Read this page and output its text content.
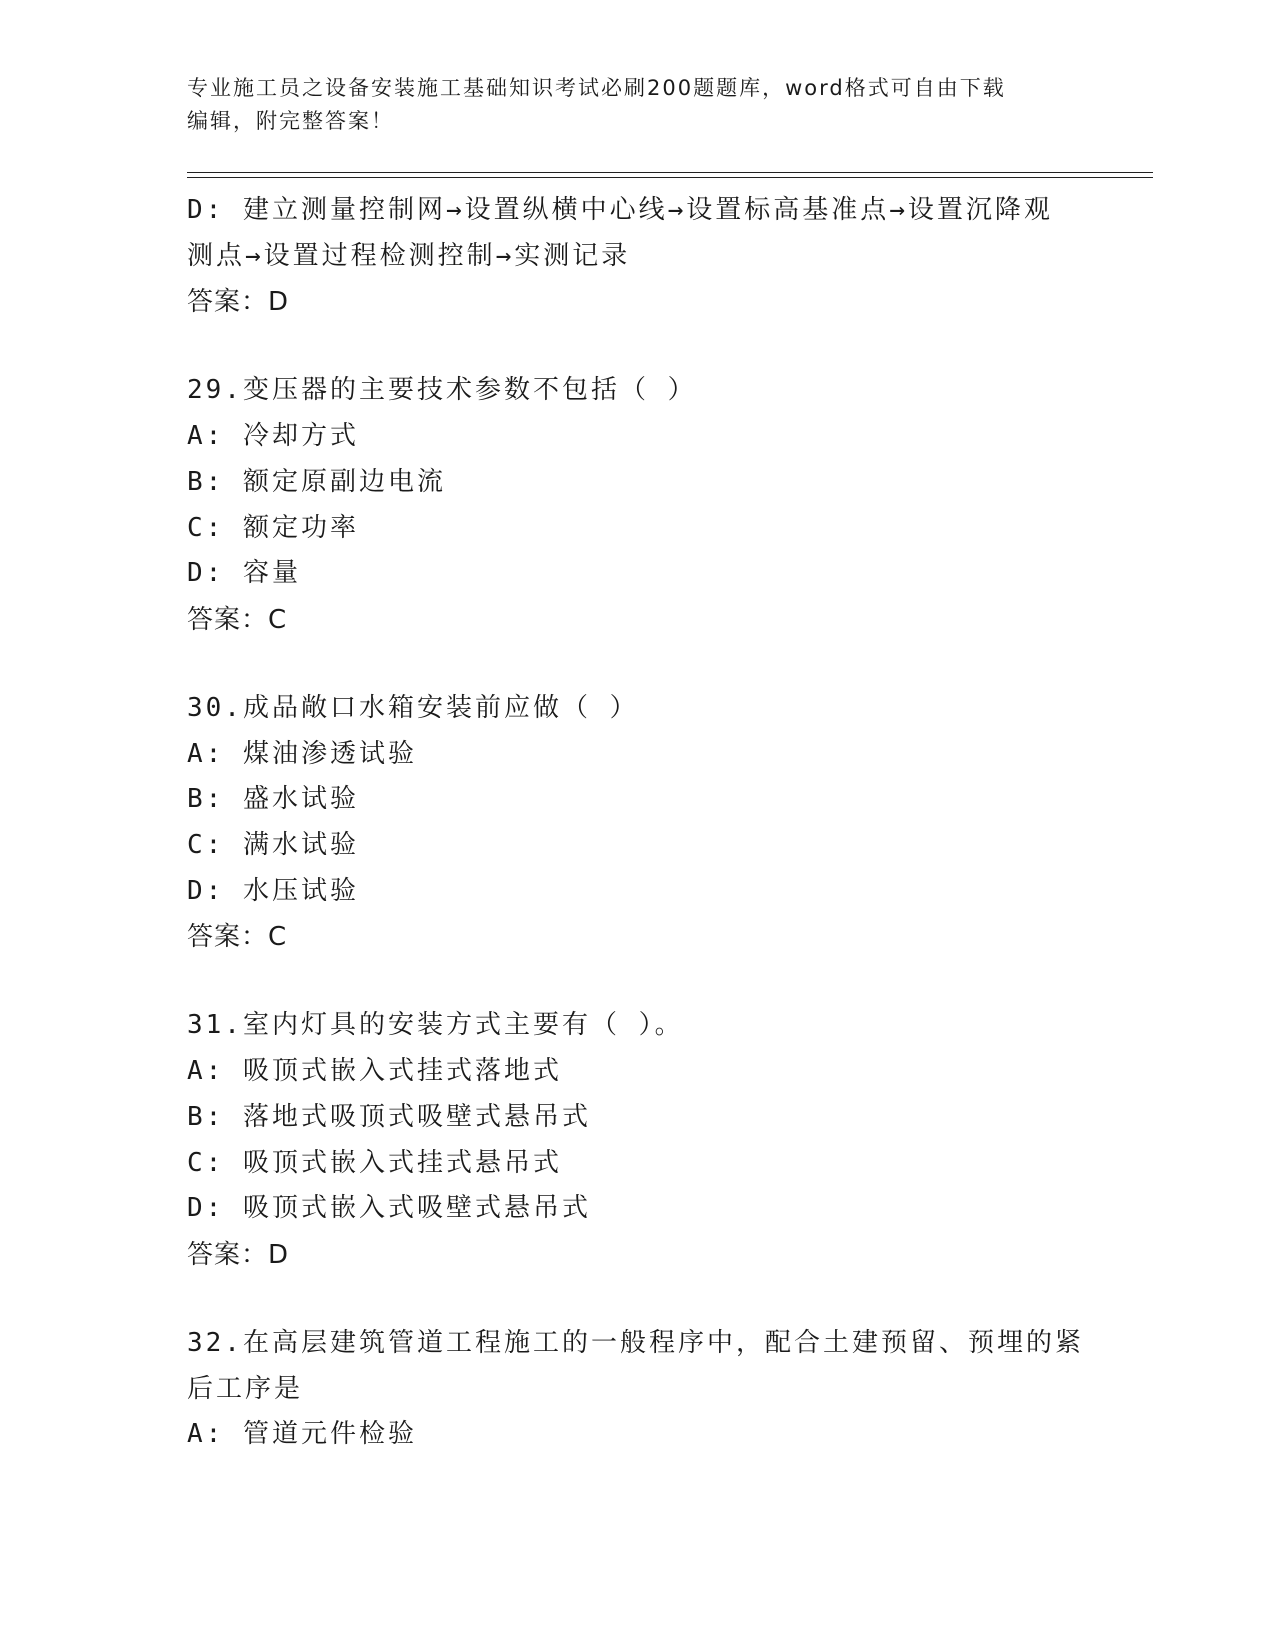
专业施工员之设备安装施工基础知识考试必刷200题题库，word格式可自由下载
编辑，附完整答案！
D: 建立测量控制网→设置纵横中心线→设置标高基准点→设置沉降观
测点→设置过程检测控制→实测记录
答案：D
29.变压器的主要技术参数不包括（ ）
A: 冷却方式
B: 额定原副边电流
C: 额定功率
D: 容量
答案：C
30.成品敞口水箱安装前应做（ ）
A: 煤油渗透试验
B: 盛水试验
C: 满水试验
D: 水压试验
答案：C
31.室内灯具的安装方式主要有（ ）。
A: 吸顶式嵌入式挂式落地式
B: 落地式吸顶式吸壁式悬吊式
C: 吸顶式嵌入式挂式悬吊式
D: 吸顶式嵌入式吸壁式悬吊式
答案：D
32.在高层建筑管道工程施工的一般程序中，配合土建预留、预埋的紧
后工序是
A: 管道元件检验
